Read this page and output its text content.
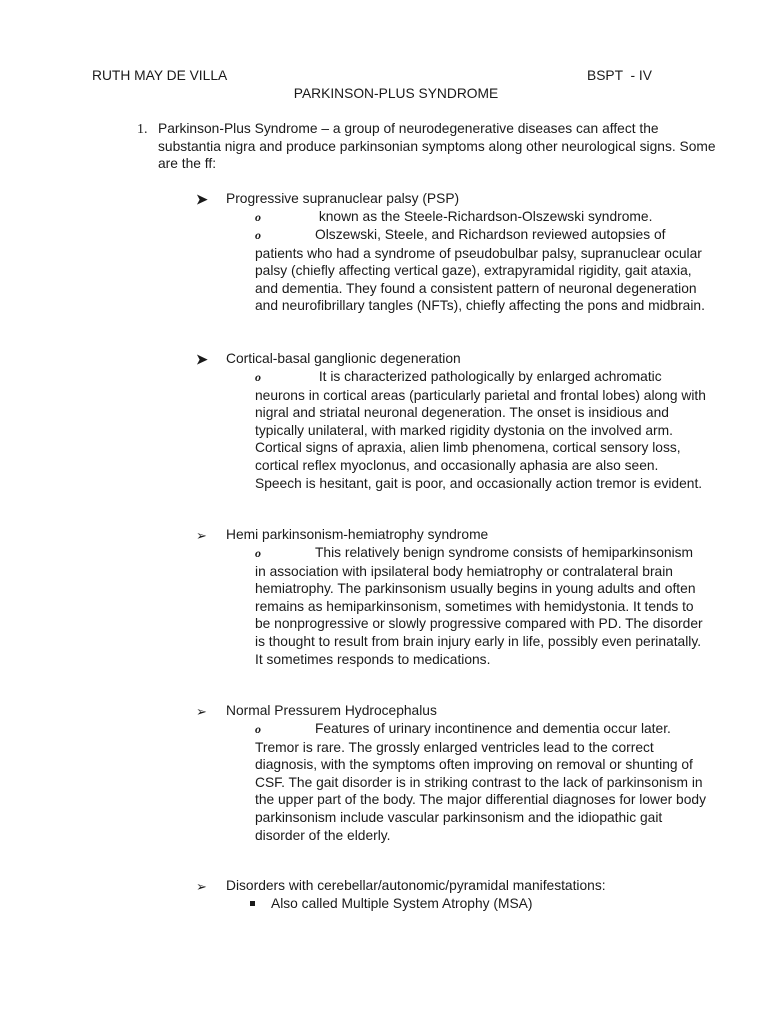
RUTH MAY DE VILLA	BSPT  - IV
PARKINSON-PLUS SYNDROME
1. Parkinson-Plus Syndrome – a group of neurodegenerative diseases can affect the substantia nigra and produce parkinsonian symptoms along other neurological signs. Some are the ff:
➤ Progressive supranuclear palsy (PSP)
o	known as the Steele-Richardson-Olszewski syndrome.
o	Olszewski, Steele, and Richardson reviewed autopsies of patients who had a syndrome of pseudobulbar palsy, supranuclear ocular palsy (chiefly affecting vertical gaze), extrapyramidal rigidity, gait ataxia, and dementia. They found a consistent pattern of neuronal degeneration and neurofibrillary tangles (NFTs), chiefly affecting the pons and midbrain.
➤ Cortical-basal ganglionic degeneration
o	It is characterized pathologically by enlarged achromatic neurons in cortical areas (particularly parietal and frontal lobes) along with nigral and striatal neuronal degeneration. The onset is insidious and typically unilateral, with marked rigidity dystonia on the involved arm. Cortical signs of apraxia, alien limb phenomena, cortical sensory loss, cortical reflex myoclonus, and occasionally aphasia are also seen. Speech is hesitant, gait is poor, and occasionally action tremor is evident.
➢ Hemi parkinsonism-hemiatrophy syndrome
o	This relatively benign syndrome consists of hemiparkinsonism in association with ipsilateral body hemiatrophy or contralateral brain hemiatrophy. The parkinsonism usually begins in young adults and often remains as hemiparkinsonism, sometimes with hemidystonia. It tends to be nonprogressive or slowly progressive compared with PD. The disorder is thought to result from brain injury early in life, possibly even perinatally. It sometimes responds to medications.
➢ Normal Pressurem Hydrocephalus
o	Features of urinary incontinence and dementia occur later. Tremor is rare. The grossly enlarged ventricles lead to the correct diagnosis, with the symptoms often improving on removal or shunting of CSF. The gait disorder is in striking contrast to the lack of parkinsonism in the upper part of the body. The major differential diagnoses for lower body parkinsonism include vascular parkinsonism and the idiopathic gait disorder of the elderly.
➢ Disorders with cerebellar/autonomic/pyramidal manifestations:
Also called Multiple System Atrophy (MSA)
